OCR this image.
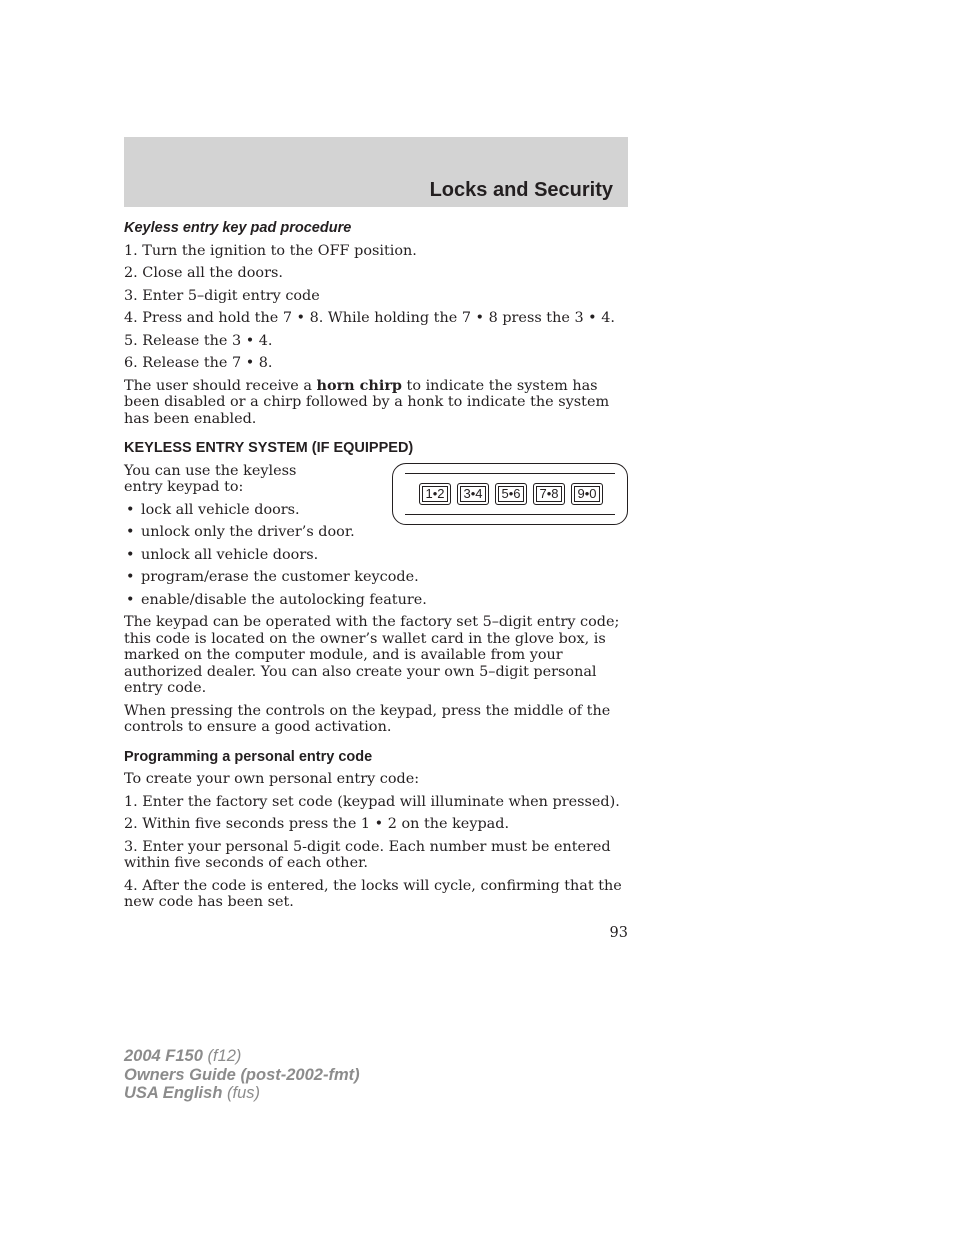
Locks and Security
Keyless entry key pad procedure

1. Turn the ignition to the OFF position.

2. Close all the doors.

3. Enter 5–digit entry code

4. Press and hold the 7 • 8. While holding the 7 • 8 press the 3 • 4.

5. Release the 3 • 4.

6. Release the 7 • 8.

The user should receive a horn chirp to indicate the system has been disabled or a chirp followed by a honk to indicate the system has been enabled.

KEYLESS ENTRY SYSTEM (IF EQUIPPED)
1•2	3•4	5•6	7•8	9•0

You can use the keyless entry keypad to:

• lock all vehicle doors.
• unlock only the driver’s door.
• unlock all vehicle doors.
• program/erase the customer keycode.
• enable/disable the autolocking feature.

The keypad can be operated with the factory set 5–digit entry code; this code is located on the owner’s wallet card in the glove box, is marked on the computer module, and is available from your authorized dealer. You can also create your own 5–digit personal entry code.

When pressing the controls on the keypad, press the middle of the controls to ensure a good activation.

Programming a personal entry code

To create your own personal entry code:

1. Enter the factory set code (keypad will illuminate when pressed).

2. Within five seconds press the 1 • 2 on the keypad.

3. Enter your personal 5-digit code. Each number must be entered within five seconds of each other.

4. After the code is entered, the locks will cycle, confirming that the new code has been set.

93
2004 F150 (f12)
Owners Guide (post-2002-fmt)
USA English (fus)
